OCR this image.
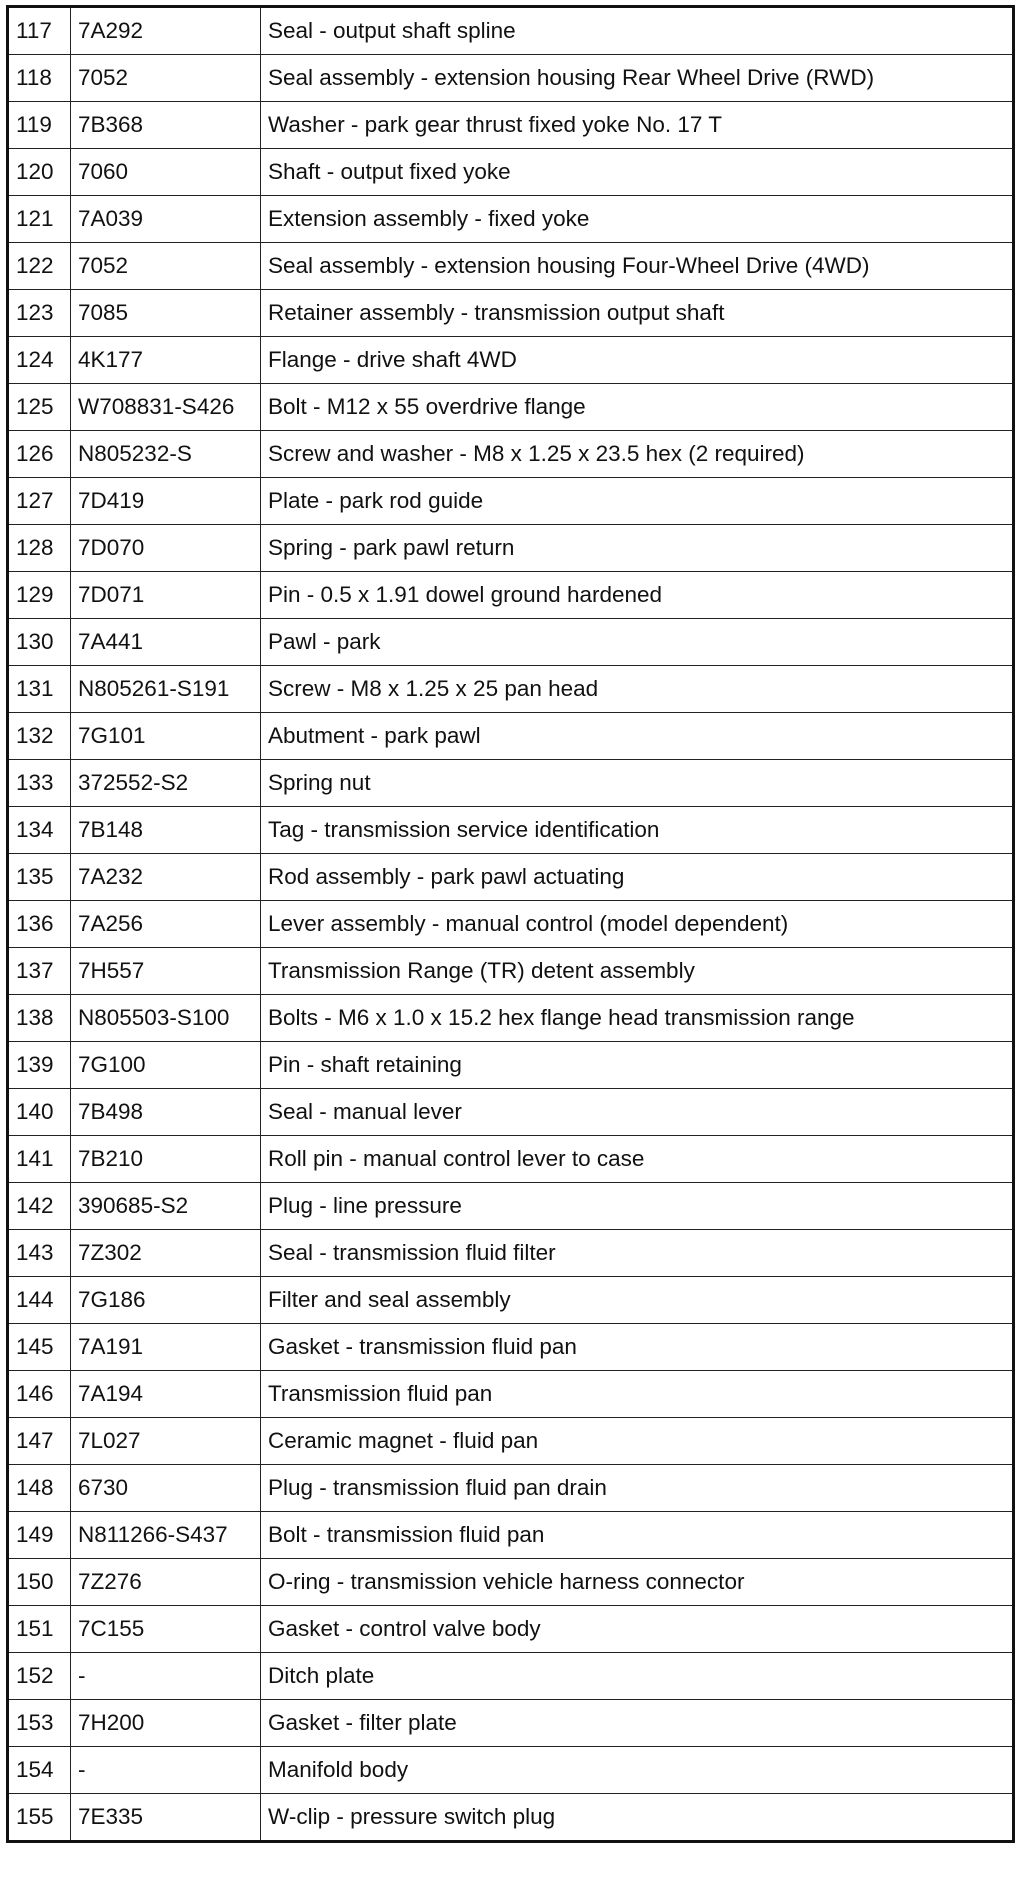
117	7A292	Seal - output shaft spline
118	7052	Seal assembly - extension housing Rear Wheel Drive (RWD)
119	7B368	Washer - park gear thrust fixed yoke No. 17 T
120	7060	Shaft - output fixed yoke
121	7A039	Extension assembly - fixed yoke
122	7052	Seal assembly - extension housing Four-Wheel Drive (4WD)
123	7085	Retainer assembly - transmission output shaft
124	4K177	Flange - drive shaft 4WD
125	W708831-S426	Bolt - M12 x 55 overdrive flange
126	N805232-S	Screw and washer - M8 x 1.25 x 23.5 hex (2 required)
127	7D419	Plate - park rod guide
128	7D070	Spring - park pawl return
129	7D071	Pin - 0.5 x 1.91 dowel ground hardened
130	7A441	Pawl - park
131	N805261-S191	Screw - M8 x 1.25 x 25 pan head
132	7G101	Abutment - park pawl
133	372552-S2	Spring nut
134	7B148	Tag - transmission service identification
135	7A232	Rod assembly - park pawl actuating
136	7A256	Lever assembly - manual control (model dependent)
137	7H557	Transmission Range (TR) detent assembly
138	N805503-S100	Bolts - M6 x 1.0 x 15.2 hex flange head transmission range
139	7G100	Pin - shaft retaining
140	7B498	Seal - manual lever
141	7B210	Roll pin - manual control lever to case
142	390685-S2	Plug - line pressure
143	7Z302	Seal - transmission fluid filter
144	7G186	Filter and seal assembly
145	7A191	Gasket - transmission fluid pan
146	7A194	Transmission fluid pan
147	7L027	Ceramic magnet - fluid pan
148	6730	Plug - transmission fluid pan drain
149	N811266-S437	Bolt - transmission fluid pan
150	7Z276	O-ring - transmission vehicle harness connector
151	7C155	Gasket - control valve body
152	-	Ditch plate
153	7H200	Gasket - filter plate
154	-	Manifold body
155	7E335	W-clip - pressure switch plug
